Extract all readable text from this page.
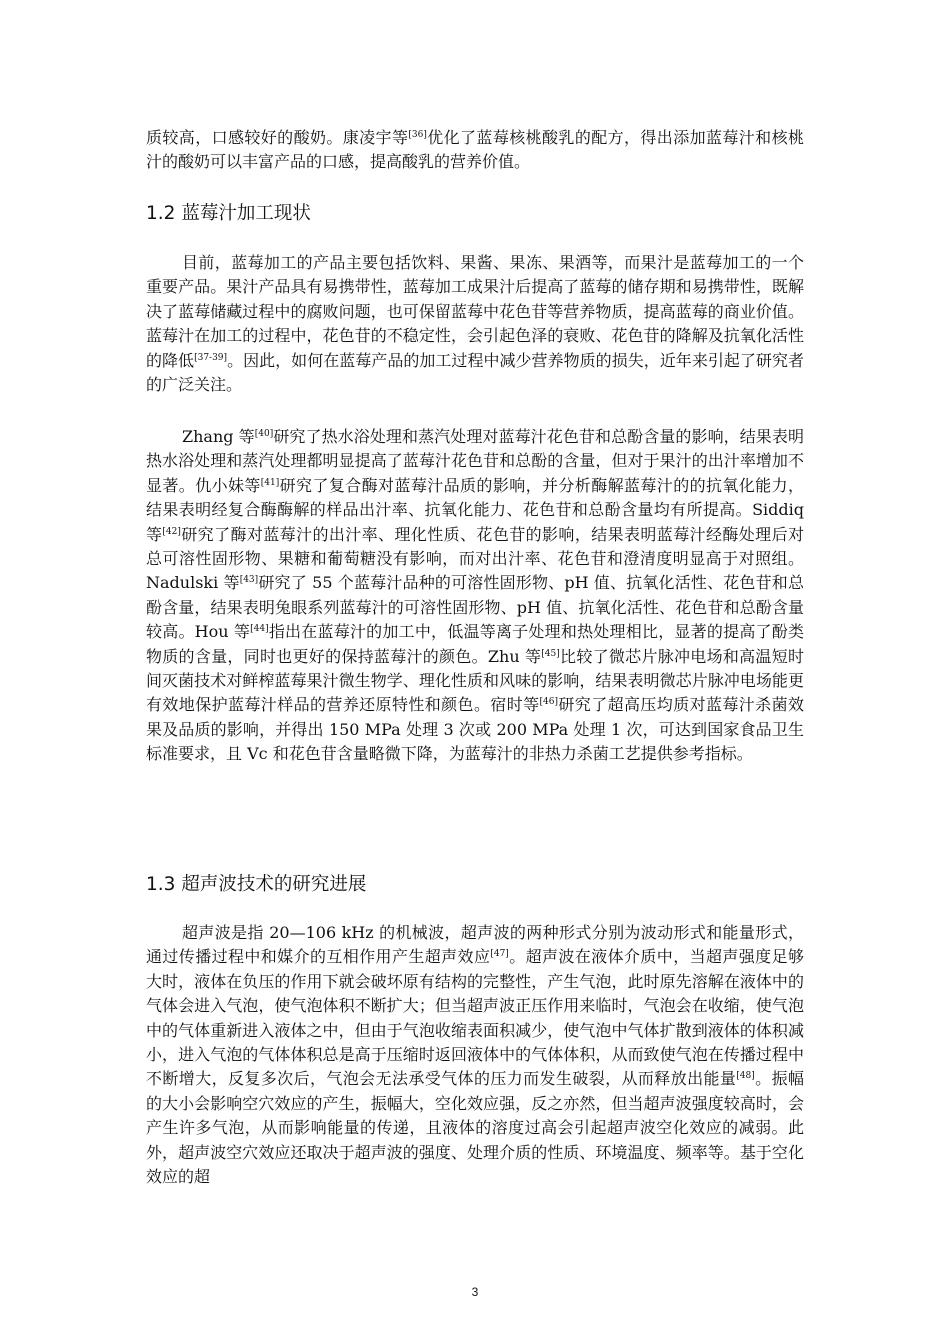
质较高，口感较好的酸奶。康凌宇等[36]优化了蓝莓核桃酸乳的配方，得出添加蓝莓汁和核桃汁的酸奶可以丰富产品的口感，提高酸乳的营养价值。

1.2 蓝莓汁加工现状

目前，蓝莓加工的产品主要包括饮料、果酱、果冻、果酒等，而果汁是蓝莓加工的一个重要产品。果汁产品具有易携带性，蓝莓加工成果汁后提高了蓝莓的储存期和易携带性，既解决了蓝莓储藏过程中的腐败问题，也可保留蓝莓中花色苷等营养物质，提高蓝莓的商业价值。蓝莓汁在加工的过程中，花色苷的不稳定性，会引起色泽的衰败、花色苷的降解及抗氧化活性的降低[37-39]。因此，如何在蓝莓产品的加工过程中减少营养物质的损失，近年来引起了研究者的广泛关注。

Zhang 等[40]研究了热水浴处理和蒸汽处理对蓝莓汁花色苷和总酚含量的影响，结果表明热水浴处理和蒸汽处理都明显提高了蓝莓汁花色苷和总酚的含量，但对于果汁的出汁率增加不显著。仇小妹等[41]研究了复合酶对蓝莓汁品质的影响，并分析酶解蓝莓汁的的抗氧化能力，结果表明经复合酶酶解的样品出汁率、抗氧化能力、花色苷和总酚含量均有所提高。Siddiq 等[42]研究了酶对蓝莓汁的出汁率、理化性质、花色苷的影响，结果表明蓝莓汁经酶处理后对总可溶性固形物、果糖和葡萄糖没有影响，而对出汁率、花色苷和澄清度明显高于对照组。Nadulski 等[43]研究了 55 个蓝莓汁品种的可溶性固形物、pH 值、抗氧化活性、花色苷和总酚含量，结果表明兔眼系列蓝莓汁的可溶性固形物、pH 值、抗氧化活性、花色苷和总酚含量较高。Hou 等[44]指出在蓝莓汁的加工中，低温等离子处理和热处理相比，显著的提高了酚类物质的含量，同时也更好的保持蓝莓汁的颜色。Zhu 等[45]比较了微芯片脉冲电场和高温短时间灭菌技术对鲜榨蓝莓果汁微生物学、理化性质和风味的影响，结果表明微芯片脉冲电场能更有效地保护蓝莓汁样品的营养还原特性和颜色。宿时等[46]研究了超高压均质对蓝莓汁杀菌效果及品质的影响，并得出 150 MPa 处理 3 次或 200 MPa 处理 1 次，可达到国家食品卫生标准要求，且 Vc 和花色苷含量略微下降，为蓝莓汁的非热力杀菌工艺提供参考指标。

1.3 超声波技术的研究进展

超声波是指 20—106 kHz 的机械波，超声波的两种形式分别为波动形式和能量形式，通过传播过程中和媒介的互相作用产生超声效应[47]。超声波在液体介质中，当超声强度足够大时，液体在负压的作用下就会破坏原有结构的完整性，产生气泡，此时原先溶解在液体中的气体会进入气泡，使气泡体积不断扩大；但当超声波正压作用来临时，气泡会在收缩，使气泡中的气体重新进入液体之中，但由于气泡收缩表面积减少，使气泡中气体扩散到液体的体积减小，进入气泡的气体体积总是高于压缩时返回液体中的气体体积，从而致使气泡在传播过程中不断增大，反复多次后，气泡会无法承受气体的压力而发生破裂，从而释放出能量[48]。振幅的大小会影响空穴效应的产生，振幅大，空化效应强，反之亦然，但当超声波强度较高时，会产生许多气泡，从而影响能量的传递，且液体的溶度过高会引起超声波空化效应的减弱。此外，超声波空穴效应还取决于超声波的强度、处理介质的性质、环境温度、频率等。基于空化效应的超

3
